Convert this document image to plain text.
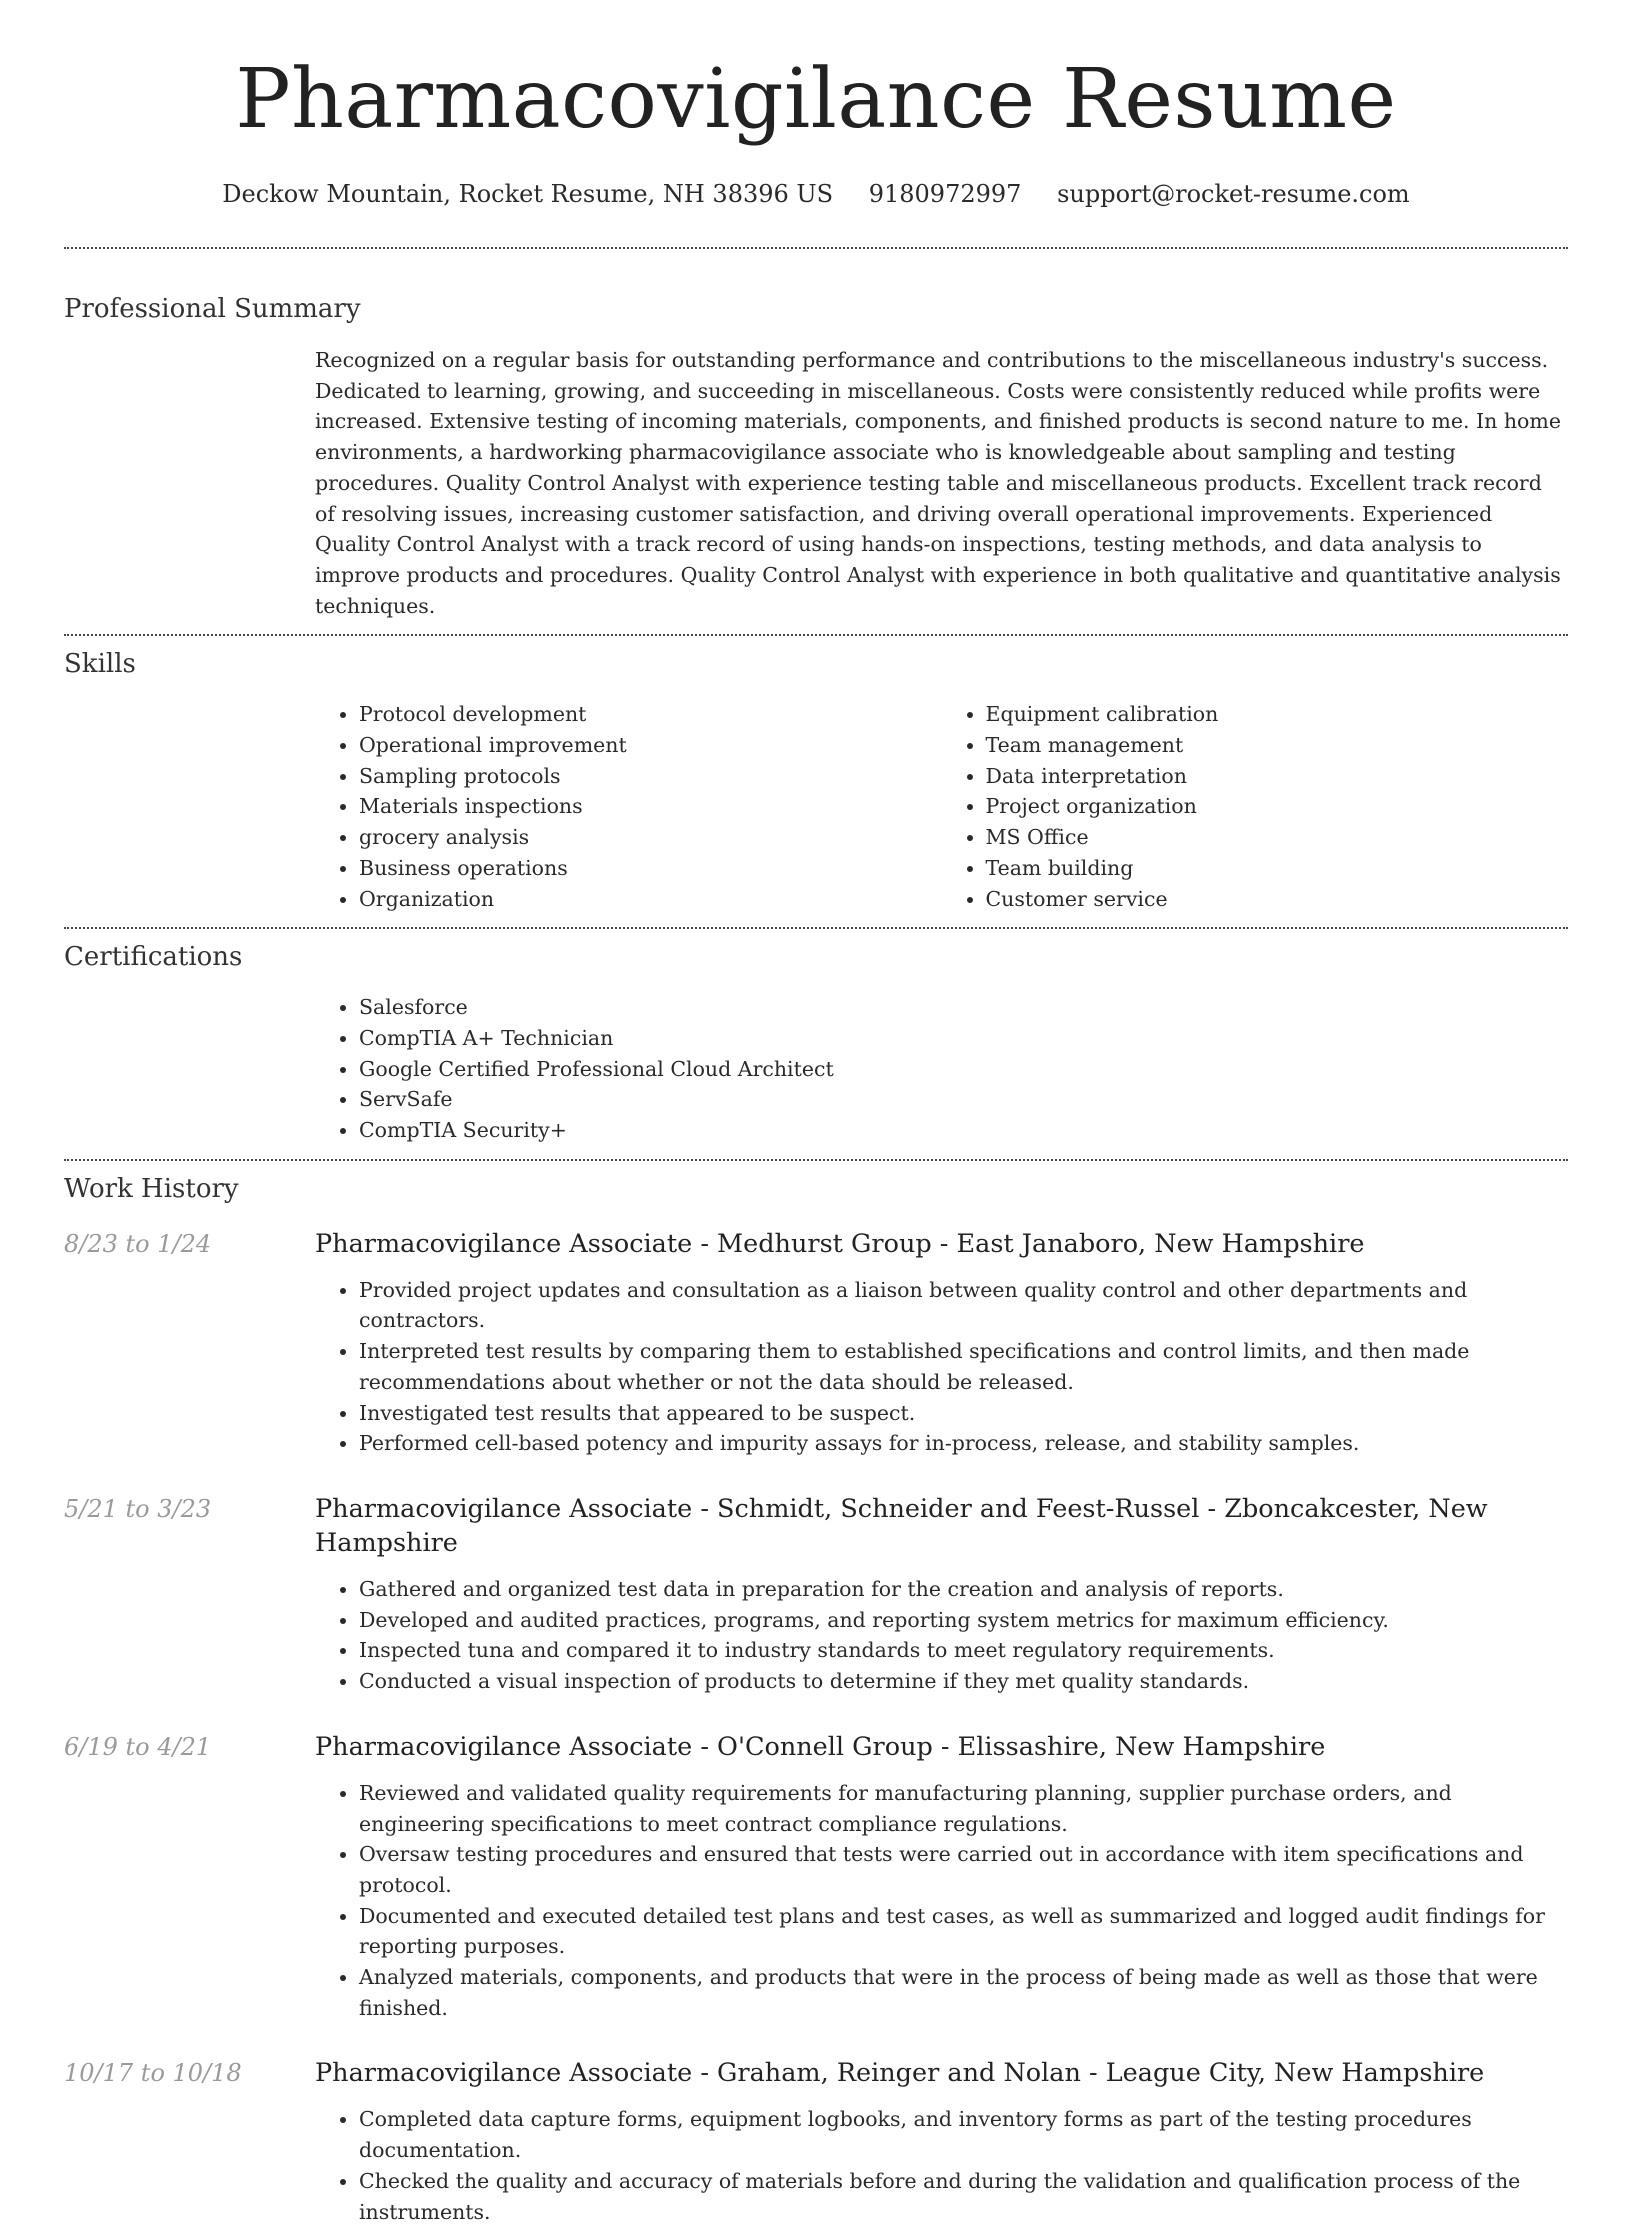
Pharmacovigilance Resume
Deckow Mountain, Rocket Resume, NH 38396 US 9180972997 support@rocket-resume.com
Professional Summary
Recognized on a regular basis for outstanding performance and contributions to the miscellaneous industry's success. Dedicated to learning, growing, and succeeding in miscellaneous. Costs were consistently reduced while profits were increased. Extensive testing of incoming materials, components, and finished products is second nature to me. In home environments, a hardworking pharmacovigilance associate who is knowledgeable about sampling and testing procedures. Quality Control Analyst with experience testing table and miscellaneous products. Excellent track record of resolving issues, increasing customer satisfaction, and driving overall operational improvements. Experienced Quality Control Analyst with a track record of using hands-on inspections, testing methods, and data analysis to improve products and procedures. Quality Control Analyst with experience in both qualitative and quantitative analysis techniques.
Skills
• Protocol development
• Operational improvement
• Sampling protocols
• Materials inspections
• grocery analysis
• Business operations
• Organization
• Equipment calibration
• Team management
• Data interpretation
• Project organization
• MS Office
• Team building
• Customer service
Certifications
• Salesforce
• CompTIA A+ Technician
• Google Certified Professional Cloud Architect
• ServSafe
• CompTIA Security+
Work History
8/23 to 1/24	Pharmacovigilance Associate - Medhurst Group - East Janaboro, New Hampshire
• Provided project updates and consultation as a liaison between quality control and other departments and contractors.
• Interpreted test results by comparing them to established specifications and control limits, and then made recommendations about whether or not the data should be released.
• Investigated test results that appeared to be suspect.
• Performed cell-based potency and impurity assays for in-process, release, and stability samples.
5/21 to 3/23	Pharmacovigilance Associate - Schmidt, Schneider and Feest-Russel - Zboncakcester, New Hampshire
• Gathered and organized test data in preparation for the creation and analysis of reports.
• Developed and audited practices, programs, and reporting system metrics for maximum efficiency.
• Inspected tuna and compared it to industry standards to meet regulatory requirements.
• Conducted a visual inspection of products to determine if they met quality standards.
6/19 to 4/21	Pharmacovigilance Associate - O'Connell Group - Elissashire, New Hampshire
• Reviewed and validated quality requirements for manufacturing planning, supplier purchase orders, and engineering specifications to meet contract compliance regulations.
• Oversaw testing procedures and ensured that tests were carried out in accordance with item specifications and protocol.
• Documented and executed detailed test plans and test cases, as well as summarized and logged audit findings for reporting purposes.
• Analyzed materials, components, and products that were in the process of being made as well as those that were finished.
10/17 to 10/18	Pharmacovigilance Associate - Graham, Reinger and Nolan - League City, New Hampshire
• Completed data capture forms, equipment logbooks, and inventory forms as part of the testing procedures documentation.
• Checked the quality and accuracy of materials before and during the validation and qualification process of the instruments.
